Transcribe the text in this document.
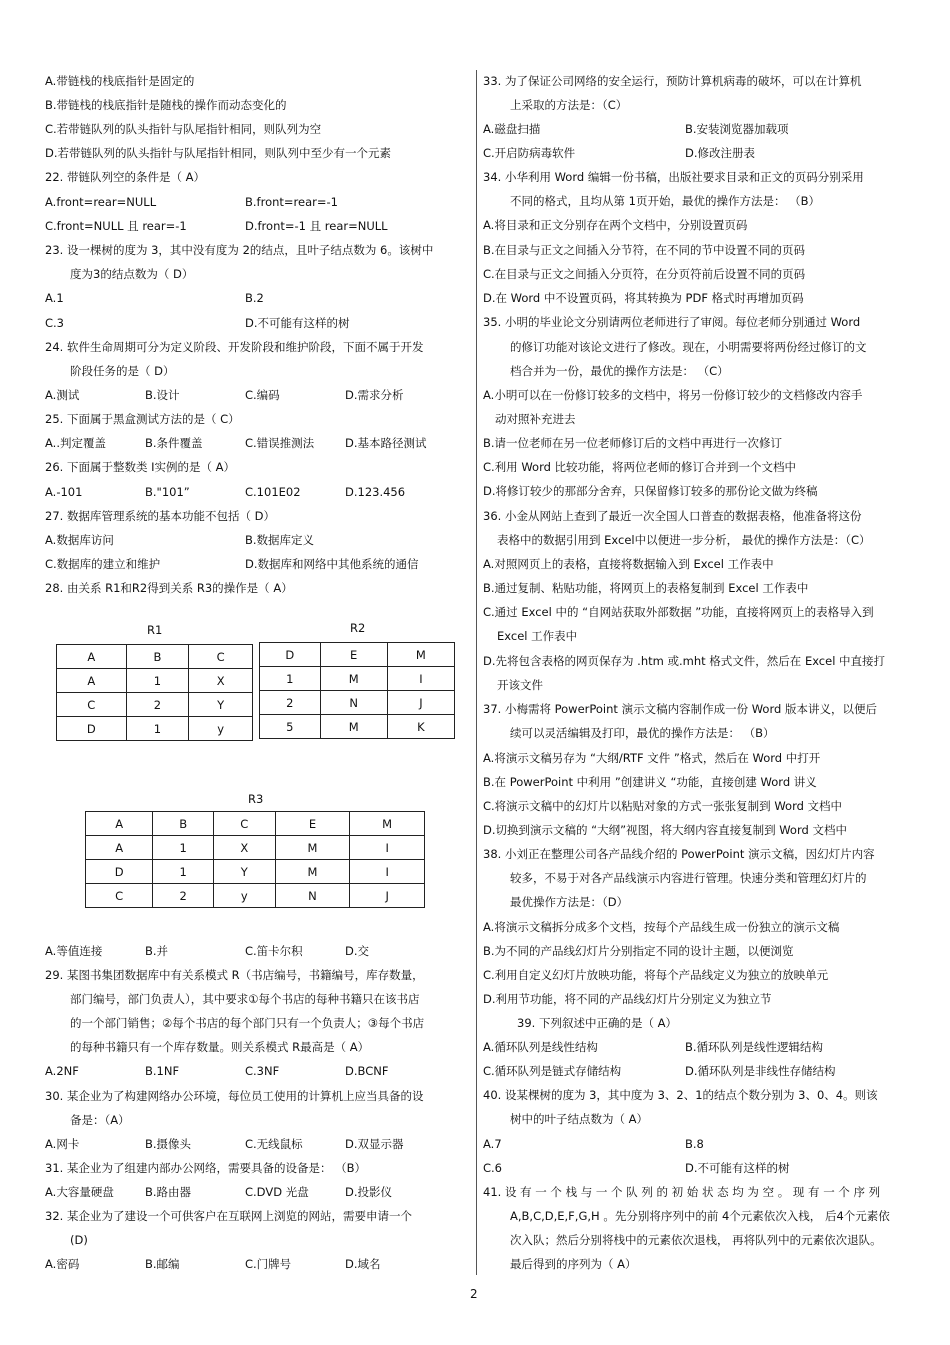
A.带链栈的栈底指针是固定的
B.带链栈的栈底指针是随栈的操作而动态变化的
C.若带链队列的队头指针与队尾指针相同，则队列为空
D.若带链队列的队头指针与队尾指针相同，则队列中至少有一个元素
22. 带链队列空的条件是（ A）
A.front=rear=NULL	B.front=rear=-1
C.front=NULL 且 rear=-1	D.front=-1 且 rear=NULL
23. 设一棵树的度为 3，其中没有度为 2的结点，且叶子结点数为 6。该树中
度为3的结点数为（ D）
A.1	B.2
C.3	D.不可能有这样的树
24. 软件生命周期可分为定义阶段、开发阶段和维护阶段，下面不属于开发
阶段任务的是（ D）
A.测试	B.设计	C.编码	D.需求分析
25. 下面属于黑盒测试方法的是（ C）
A..判定覆盖	B.条件覆盖	C.错误推测法	D.基本路径测试
26. 下面属于整数类 I实例的是（ A）
A.-101	B."101”	C.101E02	D.123.456
27. 数据库管理系统的基本功能不包括（ D）
A.数据库访问	B.数据库定义
C.数据库的建立和维护	D.数据库和网络中其他系统的通信
28. 由关系 R1和R2得到关系 R3的操作是（ A）
A.等值连接	B.并	C.笛卡尔积	D.交
29. 某图书集团数据库中有关系模式 R（书店编号，书籍编号，库存数量，
部门编号，部门负责人），其中要求①每个书店的每种书籍只在该书店
的一个部门销售；②每个书店的每个部门只有一个负责人；③每个书店
的每种书籍只有一个库存数量。则关系模式 R最高是（ A）
A.2NF	B.1NF	C.3NF	D.BCNF
30. 某企业为了构建网络办公环境，每位员工使用的计算机上应当具备的设
备是：（A）
A.网卡	B.摄像头	C.无线鼠标	D.双显示器
31. 某企业为了组建内部办公网络，需要具备的设备是： （B）
A.大容量硬盘	B.路由器	C.DVD 光盘	D.投影仪
32. 某企业为了建设一个可供客户在互联网上浏览的网站，需要申请一个
(D)
A.密码	B.邮编	C.门牌号	D.域名
33. 为了保证公司网络的安全运行，预防计算机病毒的破坏，可以在计算机
上采取的方法是：（C）
A.磁盘扫描	B.安装浏览器加载项
C.开启防病毒软件	D.修改注册表
34. 小华利用 Word 编辑一份书稿，出版社要求目录和正文的页码分别采用
不同的格式，且均从第 1页开始，最优的操作方法是： （B）
A.将目录和正文分别存在两个文档中，分别设置页码
B.在目录与正文之间插入分节符，在不同的节中设置不同的页码
C.在目录与正文之间插入分页符，在分页符前后设置不同的页码
D.在 Word 中不设置页码，将其转换为 PDF 格式时再增加页码
35. 小明的毕业论文分别请两位老师进行了审阅。每位老师分别通过 Word
的修订功能对该论文进行了修改。现在，小明需要将两份经过修订的文
档合并为一份，最优的操作方法是： （C）
A.小明可以在一份修订较多的文档中，将另一份修订较少的文档修改内容手
动对照补充进去
B.请一位老师在另一位老师修订后的文档中再进行一次修订
C.利用 Word 比较功能，将两位老师的修订合并到一个文档中
D.将修订较少的那部分舍弃，只保留修订较多的那份论文做为终稿
36. 小金从网站上查到了最近一次全国人口普查的数据表格，他准备将这份
表格中的数据引用到 Excel中以便进一步分析， 最优的操作方法是：（C）
A.对照网页上的表格，直接将数据输入到 Excel 工作表中
B.通过复制、粘贴功能，将网页上的表格复制到 Excel 工作表中
C.通过 Excel 中的 “自网站获取外部数据 ”功能，直接将网页上的表格导入到
Excel 工作表中
D.先将包含表格的网页保存为 .htm 或.mht 格式文件，然后在 Excel 中直接打
开该文件
37. 小梅需将 PowerPoint 演示文稿内容制作成一份 Word 版本讲义，以便后
续可以灵活编辑及打印，最优的操作方法是： （B）
A.将演示文稿另存为 “大纲/RTF 文件 ”格式，然后在 Word 中打开
B.在 PowerPoint 中利用 ”创建讲义 “功能，直接创建 Word 讲义
C.将演示文稿中的幻灯片以粘贴对象的方式一张张复制到 Word 文档中
D.切换到演示文稿的 “大纲”视图，将大纲内容直接复制到 Word 文档中
38. 小刘正在整理公司各产品线介绍的 PowerPoint 演示文稿，因幻灯片内容
较多，不易于对各产品线演示内容进行管理。快速分类和管理幻灯片的
最优操作方法是：（D）
A.将演示文稿拆分成多个文档，按每个产品线生成一份独立的演示文稿
B.为不同的产品线幻灯片分别指定不同的设计主题，以便浏览
C.利用自定义幻灯片放映功能，将每个产品线定义为独立的放映单元
D.利用节功能，将不同的产品线幻灯片分别定义为独立节
39. 下列叙述中正确的是（ A）
A.循环队列是线性结构	B.循环队列是线性逻辑结构
C.循环队列是链式存储结构	D.循环队列是非线性存储结构
40. 设某棵树的度为 3，其中度为 3、2、1的结点个数分别为 3、0、4。则该
树中的叶子结点数为（ A）
A.7	B.8
C.6	D.不可能有这样的树
41. 设 有 一 个 栈 与 一 个 队 列 的 初 始 状 态 均 为 空 。 现 有 一 个 序 列
A,B,C,D,E,F,G,H 。先分别将序列中的前 4个元素依次入栈， 后4个元素依
次入队；然后分别将栈中的元素依次退栈， 再将队列中的元素依次退队。
最后得到的序列为（ A）
R1
A	B	C
A	1	X
C	2	Y
D	1	y
R2
D	E	M
1	M	I
2	N	J
5	M	K
R3
A	B	C	E	M
A	1	X	M	I
D	1	Y	M	I
C	2	y	N	J
2
